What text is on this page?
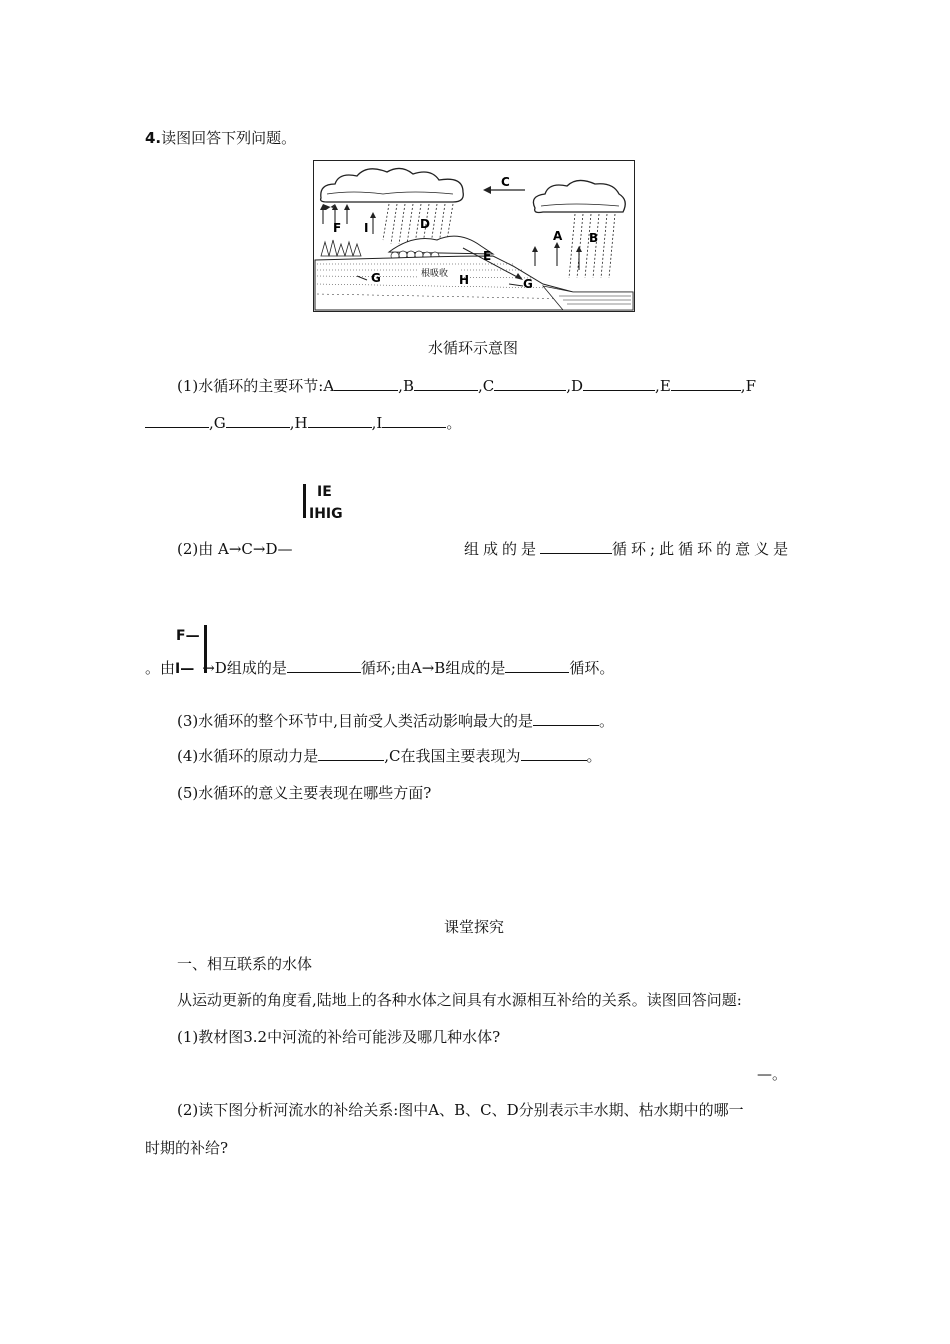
4.读图回答下列问题。
C
D
B
F I
A
E
G	G
根吸收 H
水循环示意图
(1)水循环的主要环节:A	,B	,C	,D	,E	,F
,G	,H	,I	。
IE
IHIG
(2)由 A→C→D—	组成的是	循环;此循环的意义是
F—
。由I— →D组成的是	循环;由A→B组成的是	循环。
(3)水循环的整个环节中,目前受人类活动影响最大的是	。
(4)水循环的原动力是	,C在我国主要表现为	。
(5)水循环的意义主要表现在哪些方面?
课堂探究
一、相互联系的水体
从运动更新的角度看,陆地上的各种水体之间具有水源相互补给的关系。读图回答问题:
(1)教材图3.2中河流的补给可能涉及哪几种水体?
—。
(2)读下图分析河流水的补给关系:图中A、B、C、D分别表示丰水期、枯水期中的哪一
时期的补给?
